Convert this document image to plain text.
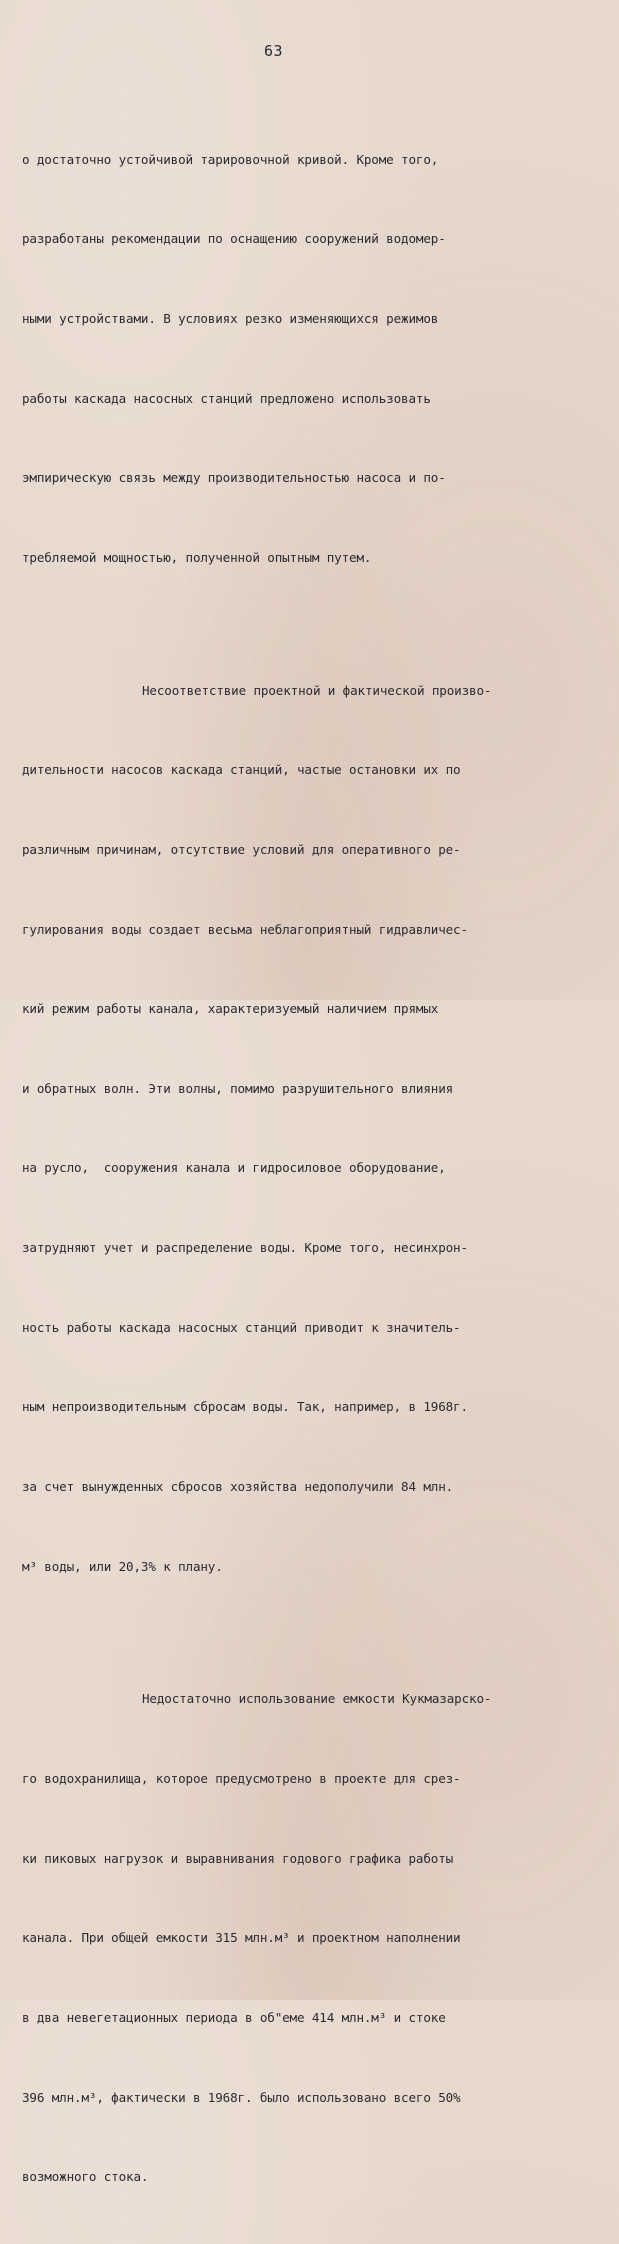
63

о достаточно устойчивой тарировочной кривой. Кроме того,

разработаны рекомендации по оснащению сооружений водомер-

ными устройствами. В условиях резко изменяющихся режимов

работы каскада насосных станций предложено использовать

эмпирическую связь между производительностью насоса и по-

требляемой мощностью, полученной опытным путем.

Несоответствие проектной и фактической произво-

дительности насосов каскада станций, частые остановки их по

различным причинам, отсутствие условий для оперативного ре-

гулирования воды создает весьма неблагоприятный гидравличес-

кий режим работы канала, характеризуемый наличием прямых

и обратных волн. Эти волны, помимо разрушительного влияния

на русло,  сооружения канала и гидросиловое оборудование,

затрудняют учет и распределение воды. Кроме того, несинхрон-

ность работы каскада насосных станций приводит к значитель-

ным непроизводительным сбросам воды. Так, например, в 1968г.

за счет вынужденных сбросов хозяйства недополучили 84 млн.

м³ воды, или 20,3% к плану.

Недостаточно использование емкости Кукмазарско-

го водохранилища, которое предусмотрено в проекте для срез-

ки пиковых нагрузок и выравнивания годового графика работы

канала. При общей емкости 315 млн.м³ и проектном наполнении

в два невегетационных периода в об"еме 414 млн.м³ и стоке

396 млн.м³, фактически в 1968г. было использовано всего 50%

возможного стока.
